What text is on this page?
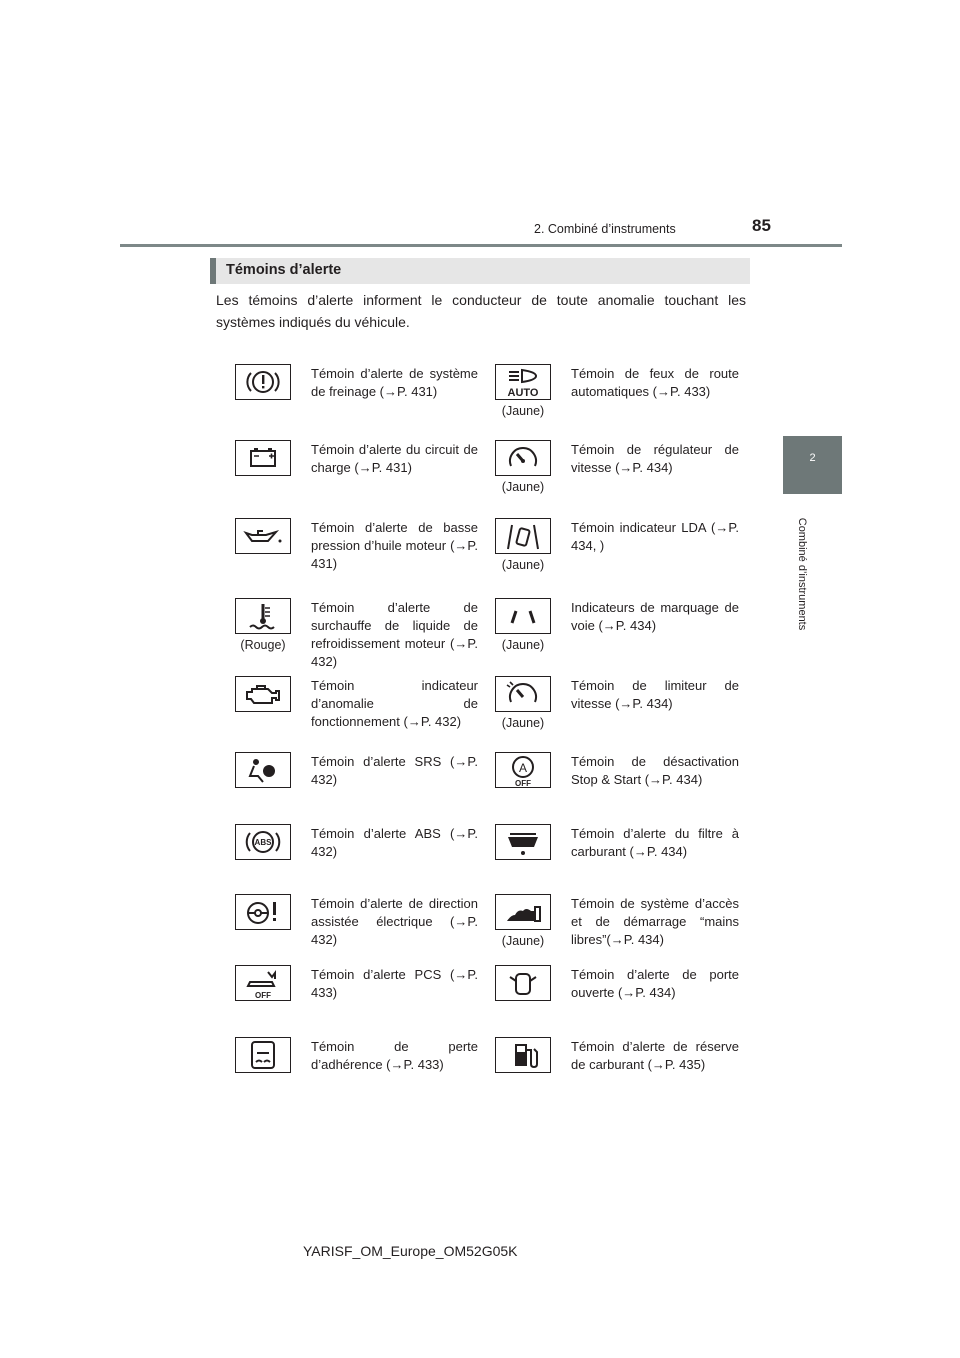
2. Combiné d’instruments	85
2
Combiné d’instruments
Témoins d’alerte

Les témoins d’alerte informent le conducteur de toute anomalie touchant les systèmes indiqués du véhicule.

Témoin d’alerte de système de freinage (→P. 431)
Témoin d’alerte du circuit de charge (→P. 431)
Témoin d’alerte de basse pression d’huile moteur (→P. 431)
(Rouge)
Témoin d’alerte de surchauffe de liquide de refroidissement moteur (→P. 432)
Témoin indicateur d’anomalie de fonctionnement (→P. 432)
Témoin d’alerte SRS (→P. 432)
ABS
Témoin d’alerte ABS (→P. 432)
Témoin d’alerte de direction assistée électrique (→P. 432)
OFF
Témoin d’alerte PCS (→P. 433)
Témoin de perte d’adhérence (→P. 433)
AUTO
(Jaune)
Témoin de feux de route automatiques (→P. 433)
(Jaune)
Témoin de régulateur de vitesse (→P. 434)
(Jaune)
Témoin indicateur LDA (→P. 434, )
(Jaune)
Indicateurs de marquage de voie (→P. 434)
(Jaune)
Témoin de limiteur de vitesse (→P. 434)
A
OFF
Témoin de désactivation Stop & Start (→P. 434)
Témoin d’alerte du filtre à carburant (→P. 434)
(Jaune)
Témoin de système d’accès et de démarrage “mains libres”(→P. 434)
Témoin d’alerte de porte ouverte (→P. 434)
Témoin d’alerte de réserve de carburant (→P. 435)
YARISF_OM_Europe_OM52G05K
